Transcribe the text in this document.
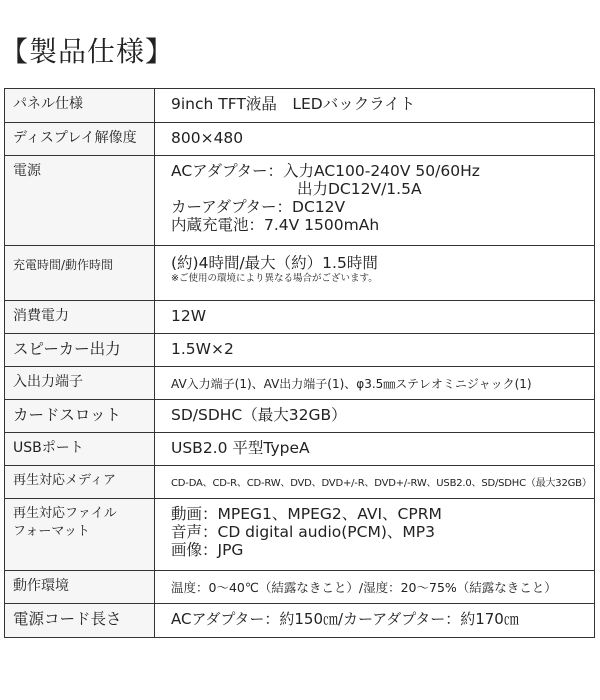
【製品仕様】
パネル仕様	9inch TFT液晶　LEDバックライト

ディスプレイ解像度	800×480

電源	ACアダプター：入力AC100-240V 50/60Hz
出力DC12V/1.5A
カーアダプター：DC12V
内蔵充電池：7.4V 1500mAh

充電時間/動作時間	(約)4時間/最大（約）1.5時間
※ご使用の環境により異なる場合がございます。

消費電力	12W

スピーカー出力	1.5W×2

入出力端子	AV入力端子(1)、AV出力端子(1)、φ3.5㎜ステレオミニジャック(1)

カードスロット	SD/SDHC（最大32GB）

USBポート	USB2.0 平型TypeA

再生対応メディア	CD-DA、CD-R、CD-RW、DVD、DVD+/-R、DVD+/-RW、USB2.0、SD/SDHC（最大32GB）

再生対応ファイル
フォーマット	動画：MPEG1、MPEG2、AVI、CPRM
音声：CD digital audio(PCM)、MP3
画像：JPG

動作環境	温度：0～40℃（結露なきこと）/湿度：20～75%（結露なきこと）

電源コード長さ	ACアダプター：約150㎝/カーアダプター：約170㎝
